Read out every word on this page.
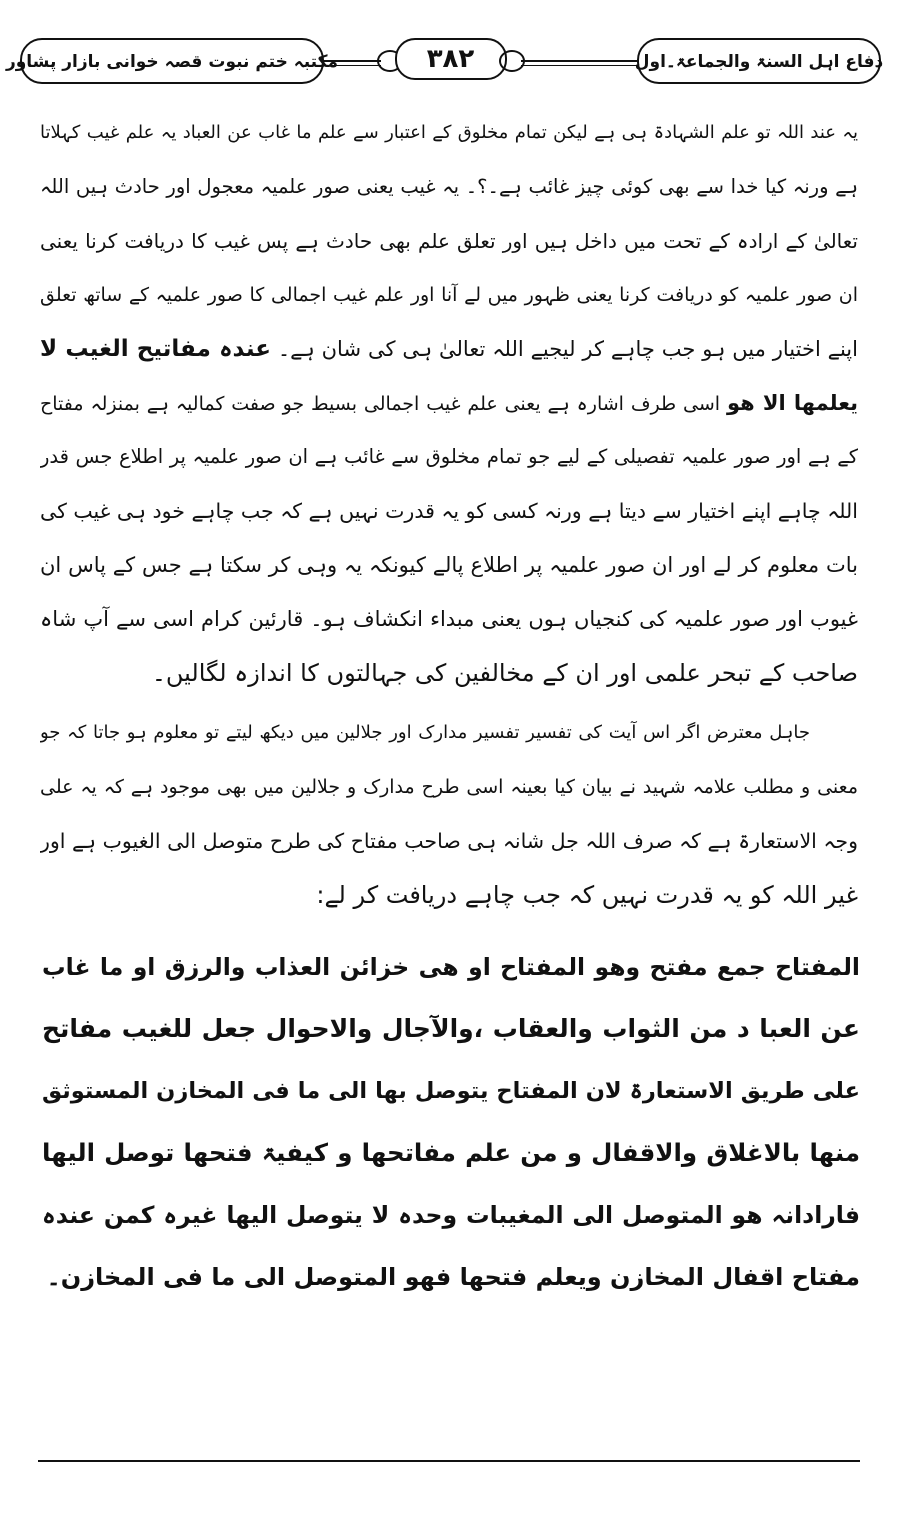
دفاع اہل السنۃ والجماعۃ۔اول
۳۸۲
مکتبہ ختم نبوت قصہ خوانی بازار پشاور
یہ عند اللہ تو علم الشہادۃ ہی ہے لیکن تمام مخلوق کے اعتبار سے علم ما غاب عن العباد یہ علم غیب کہلاتا
ہے ورنہ کیا خدا سے بھی کوئی چیز غائب ہے۔؟۔ یہ غیب یعنی صور علمیہ معجول اور حادث ہیں اللہ
تعالیٰ کے ارادہ کے تحت میں داخل ہیں اور تعلق علم بھی حادث ہے پس غیب کا دریافت کرنا یعنی
ان صور علمیہ کو دریافت کرنا یعنی ظہور میں لے آنا اور علم غیب اجمالی کا صور علمیہ کے ساتھ تعلق
اپنے اختیار میں ہو جب چاہے کر لیجیے اللہ تعالیٰ ہی کی شان ہے۔ عندہ مفاتیح الغیب لا
یعلمھا الا ھو اسی طرف اشارہ ہے یعنی علم غیب اجمالی بسیط جو صفت کمالیہ ہے بمنزلہ مفتاح
کے ہے اور صور علمیہ تفصیلی کے لیے جو تمام مخلوق سے غائب ہے ان صور علمیہ پر اطلاع جس قدر
اللہ چاہے اپنے اختیار سے دیتا ہے ورنہ کسی کو یہ قدرت نہیں ہے کہ جب چاہے خود ہی غیب کی
بات معلوم کر لے اور ان صور علمیہ پر اطلاع پالے کیونکہ یہ وہی کر سکتا ہے جس کے پاس ان
غیوب اور صور علمیہ کی کنجیاں ہوں یعنی مبداء انکشاف ہو۔ قارئین کرام اسی سے آپ شاہ
صاحب کے تبحر علمی اور ان کے مخالفین کی جہالتوں کا اندازہ لگالیں۔
جاہل معترض اگر اس آیت کی تفسیر تفسیر مدارک اور جلالین میں دیکھ لیتے تو معلوم ہو جاتا کہ جو
معنی و مطلب علامہ شہید نے بیان کیا بعینہ اسی طرح مدارک و جلالین میں بھی موجود ہے کہ یہ علی
وجہ الاستعارۃ ہے کہ صرف اللہ جل شانہ ہی صاحب مفتاح کی طرح متوصل الی الغیوب ہے اور
غیر اللہ کو یہ قدرت نہیں کہ جب چاہے دریافت کر لے:
المفتاح جمع مفتح وھو المفتاح او ھی خزائن العذاب والرزق او ما غاب
عن العبا د من الثواب والعقاب ،والآجال والاحوال جعل للغیب مفاتح
علی طریق الاستعارۃ لان المفتاح یتوصل بھا الی ما فی المخازن المستوثق
منھا بالاغلاق والاقفال و من علم مفاتحھا و کیفیۃ فتحھا توصل الیھا
فارادانہ ھو المتوصل الی المغیبات وحدہ لا یتوصل الیھا غیرہ کمن عندہ
مفتاح اقفال المخازن ویعلم فتحھا فھو المتوصل الی ما فی المخازن۔
